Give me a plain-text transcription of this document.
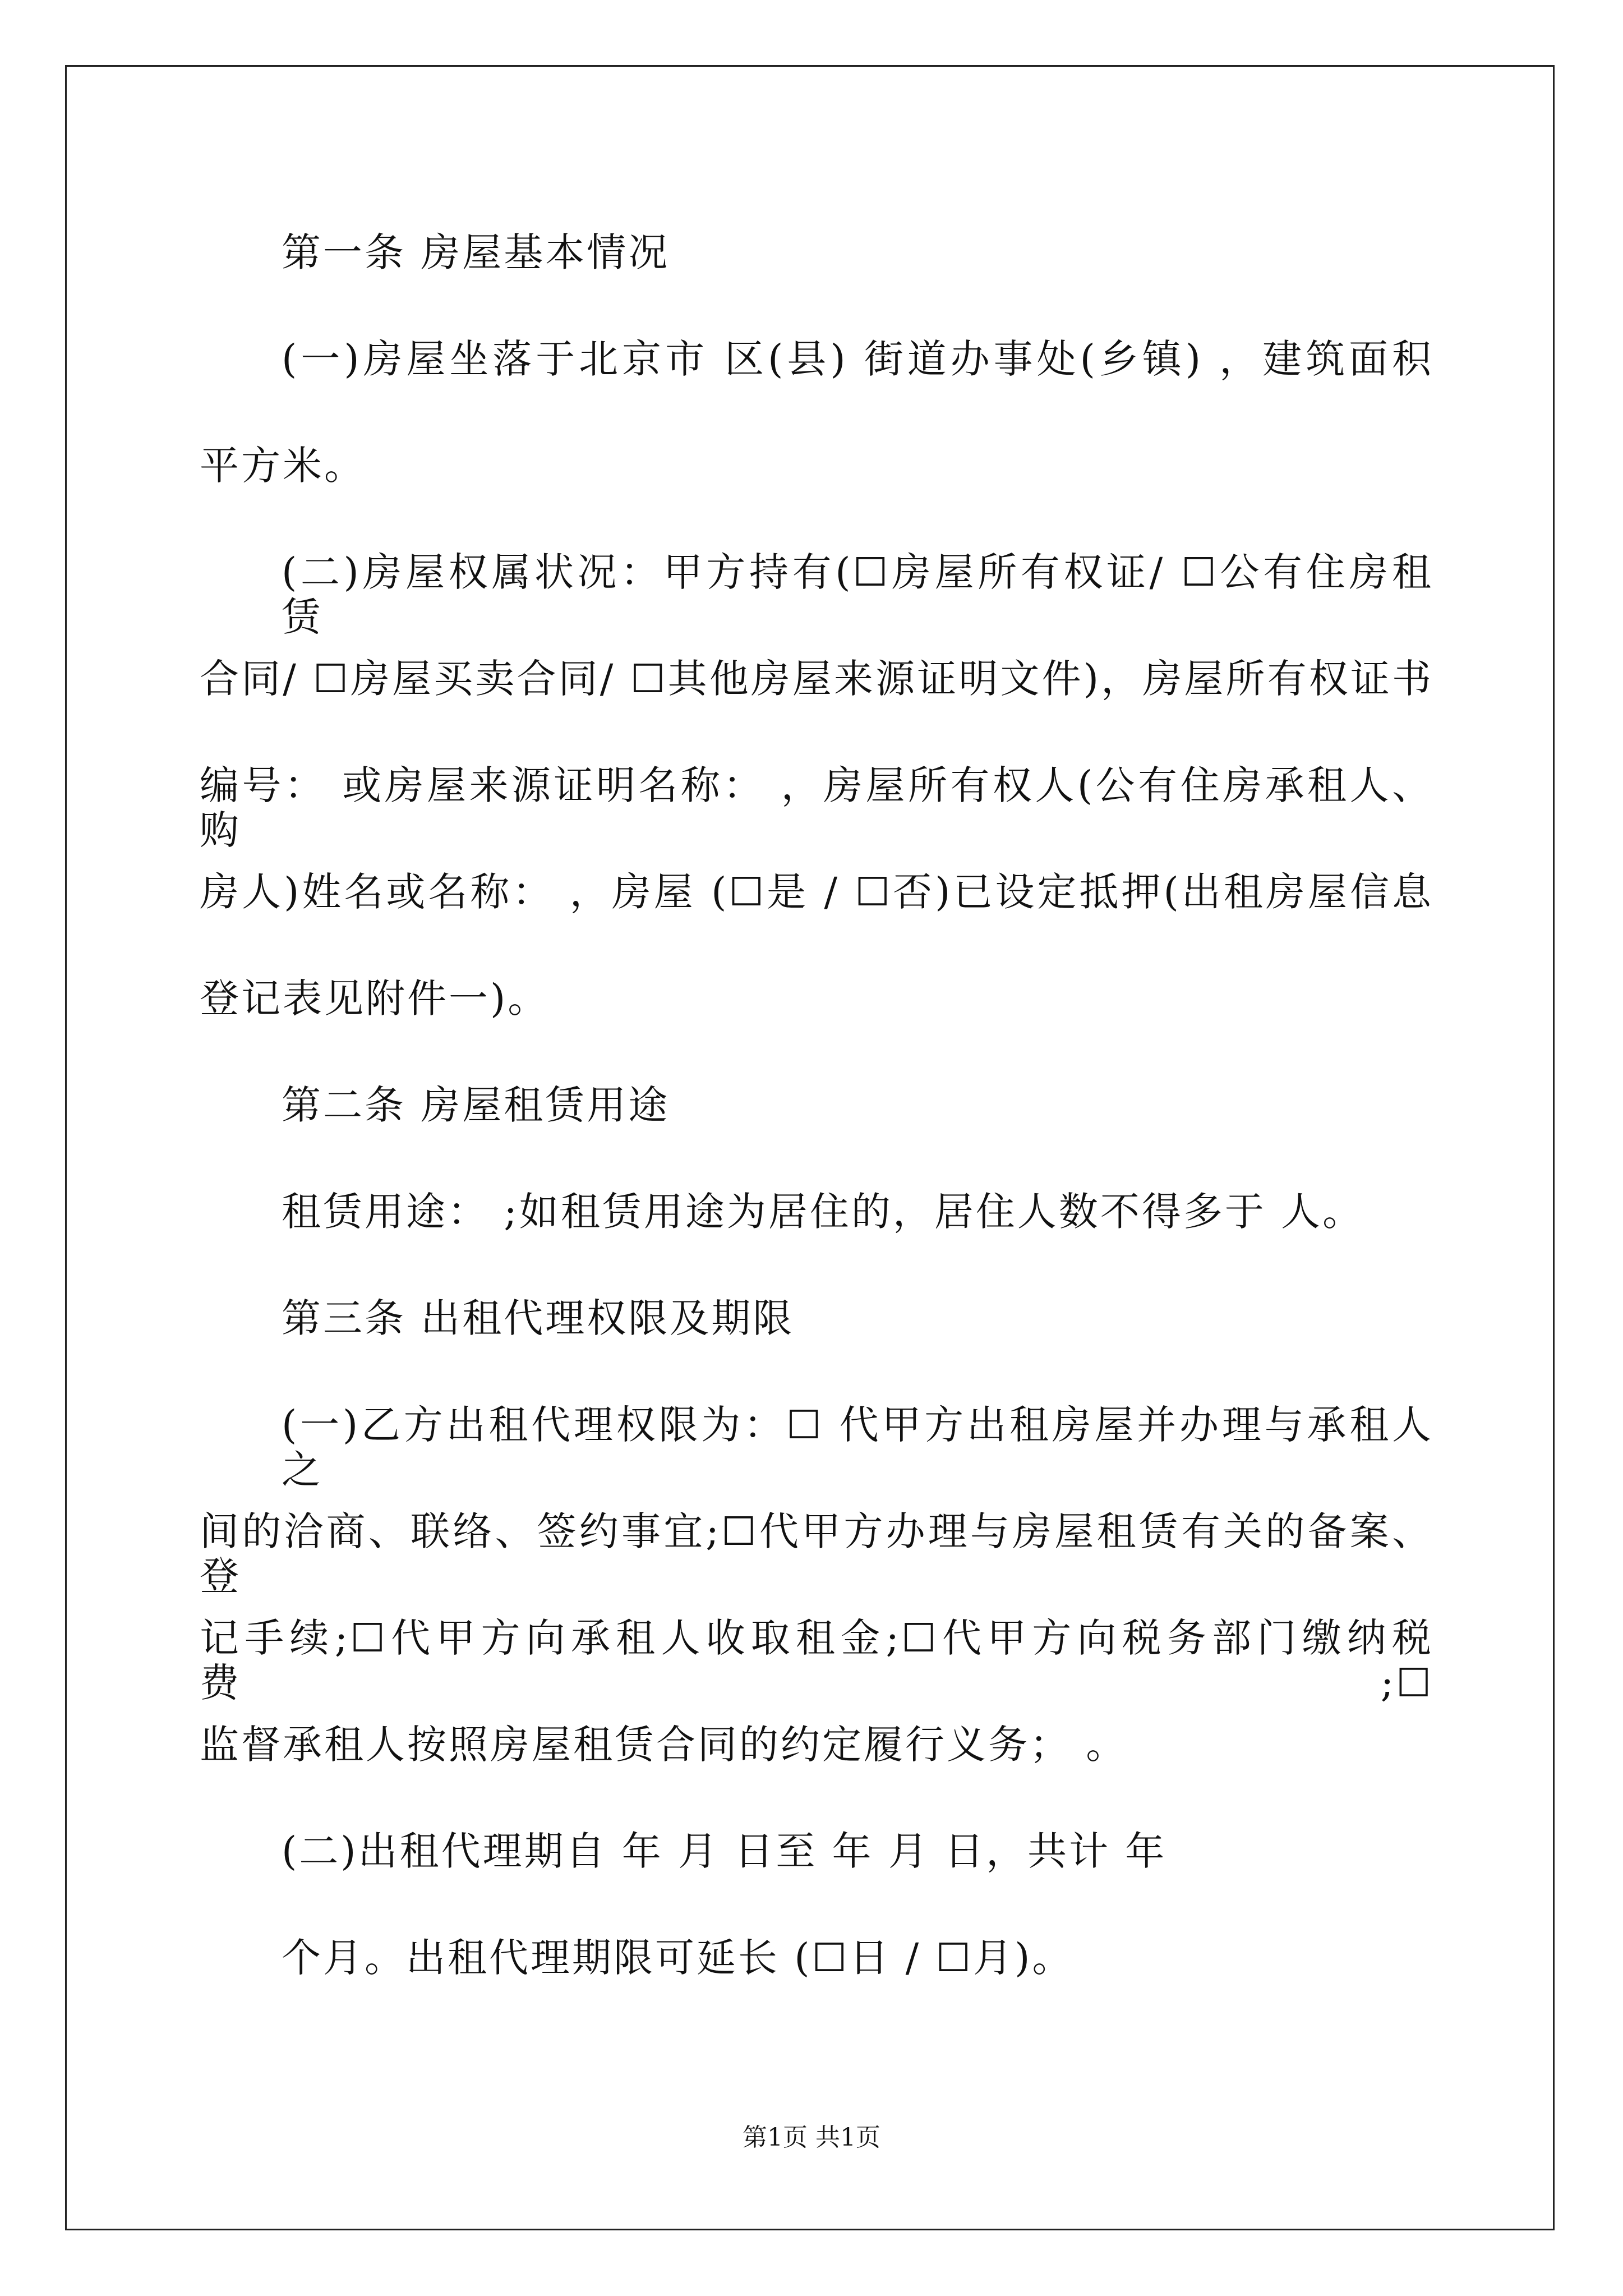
第一条 房屋基本情况
(一)房屋坐落于北京市 区(县) 街道办事处(乡镇) ，建筑面积
平方米。
(二)房屋权属状况：甲方持有(☐房屋所有权证/ ☐公有住房租赁
合同/ ☐房屋买卖合同/ ☐其他房屋来源证明文件)，房屋所有权证书
编号： 或房屋来源证明名称： ，房屋所有权人(公有住房承租人、购
房人)姓名或名称： ，房屋 (☐是 / ☐否)已设定抵押(出租房屋信息
登记表见附件一)。
第二条 房屋租赁用途
租赁用途： ;如租赁用途为居住的，居住人数不得多于 人。
第三条 出租代理权限及期限
(一)乙方出租代理权限为：☐ 代甲方出租房屋并办理与承租人之
间的洽商、联络、签约事宜;☐代甲方办理与房屋租赁有关的备案、登
记手续;☐代甲方向承租人收取租金;☐代甲方向税务部门缴纳税费;☐
监督承租人按照房屋租赁合同的约定履行义务； 。
(二)出租代理期自 年 月 日至 年 月 日，共计 年
个月。出租代理期限可延长 (☐日 / ☐月)。
第1页 共1页
